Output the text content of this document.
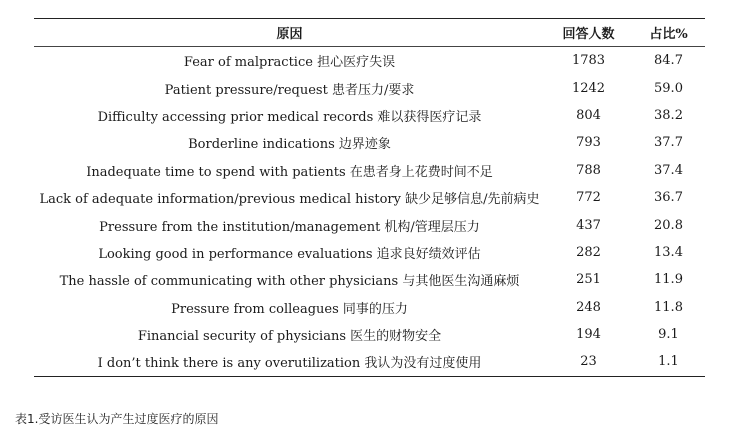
原因	回答人数	占比%
Fear of malpractice 担心医疗失误	1783	84.7
Patient pressure/request 患者压力/要求	1242	59.0
Difficulty accessing prior medical records 难以获得医疗记录	804	38.2
Borderline indications 边界迹象	793	37.7
Inadequate time to spend with patients 在患者身上花费时间不足	788	37.4
Lack of adequate information/previous medical history 缺少足够信息/先前病史	772	36.7
Pressure from the institution/management 机构/管理层压力	437	20.8
Looking good in performance evaluations 追求良好绩效评估	282	13.4
The hassle of communicating with other physicians 与其他医生沟通麻烦	251	11.9
Pressure from colleagues 同事的压力	248	11.8
Financial security of physicians 医生的财物安全	194	9.1
I don’t think there is any overutilization 我认为没有过度使用	23	1.1
表1.受访医生认为产生过度医疗的原因
